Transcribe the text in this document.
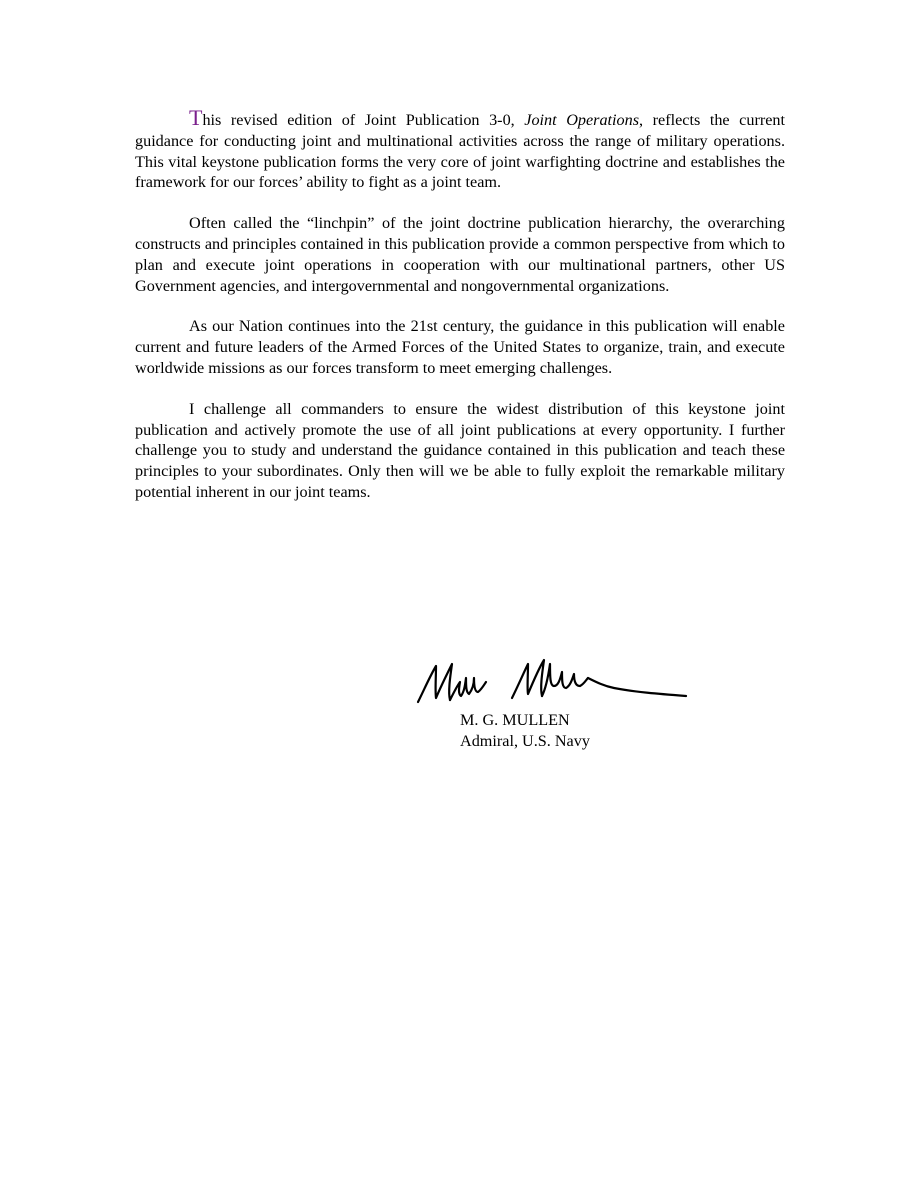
This revised edition of Joint Publication 3-0, Joint Operations, reflects the current guidance for conducting joint and multinational activities across the range of military operations. This vital keystone publication forms the very core of joint warfighting doctrine and establishes the framework for our forces’ ability to fight as a joint team.

Often called the “linchpin” of the joint doctrine publication hierarchy, the overarching constructs and principles contained in this publication provide a common perspective from which to plan and execute joint operations in cooperation with our multinational partners, other US Government agencies, and intergovernmental and nongovernmental organizations.

As our Nation continues into the 21st century, the guidance in this publication will enable current and future leaders of the Armed Forces of the United States to organize, train, and execute worldwide missions as our forces transform to meet emerging challenges.

I challenge all commanders to ensure the widest distribution of this keystone joint publication and actively promote the use of all joint publications at every opportunity. I further challenge you to study and understand the guidance contained in this publication and teach these principles to your subordinates. Only then will we be able to fully exploit the remarkable military potential inherent in our joint teams.

M. G. MULLEN
Admiral, U.S. Navy
